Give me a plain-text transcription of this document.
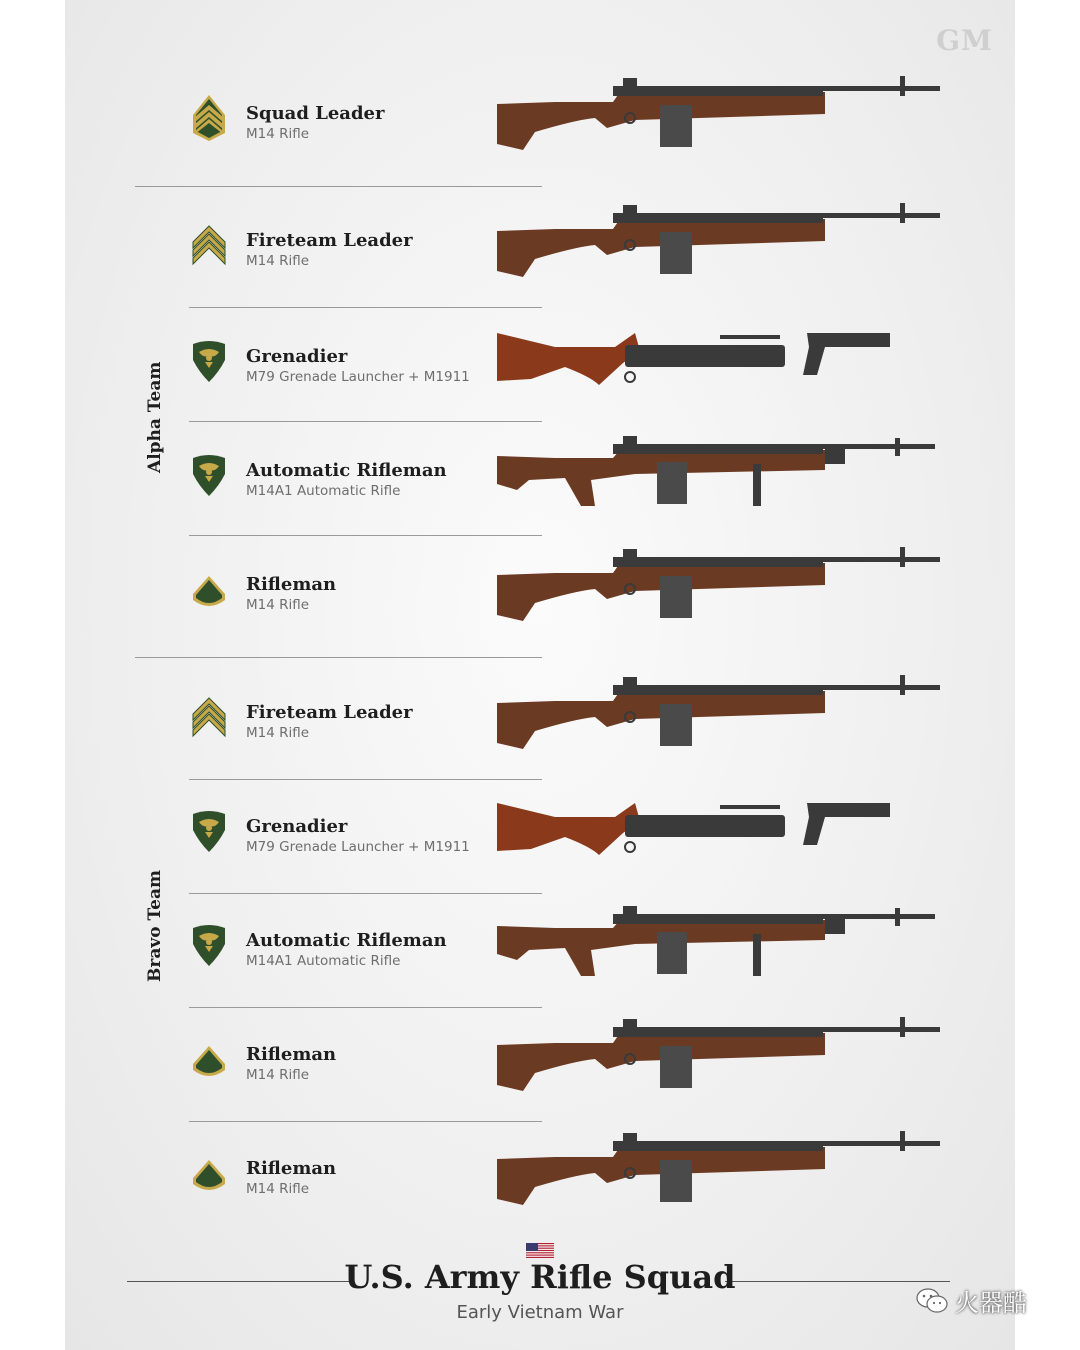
GM
Alpha Team
Bravo Team
Squad Leader
M14 Rifle
Fireteam Leader
M14 Rifle
Grenadier
M79 Grenade Launcher + M1911
Automatic Rifleman
M14A1 Automatic Rifle
Rifleman
M14 Rifle
Fireteam Leader
M14 Rifle
Grenadier
M79 Grenade Launcher + M1911
Automatic Rifleman
M14A1 Automatic Rifle
Rifleman
M14 Rifle
Rifleman
M14 Rifle
U.S. Army Rifle Squad
Early Vietnam War	火器酷
